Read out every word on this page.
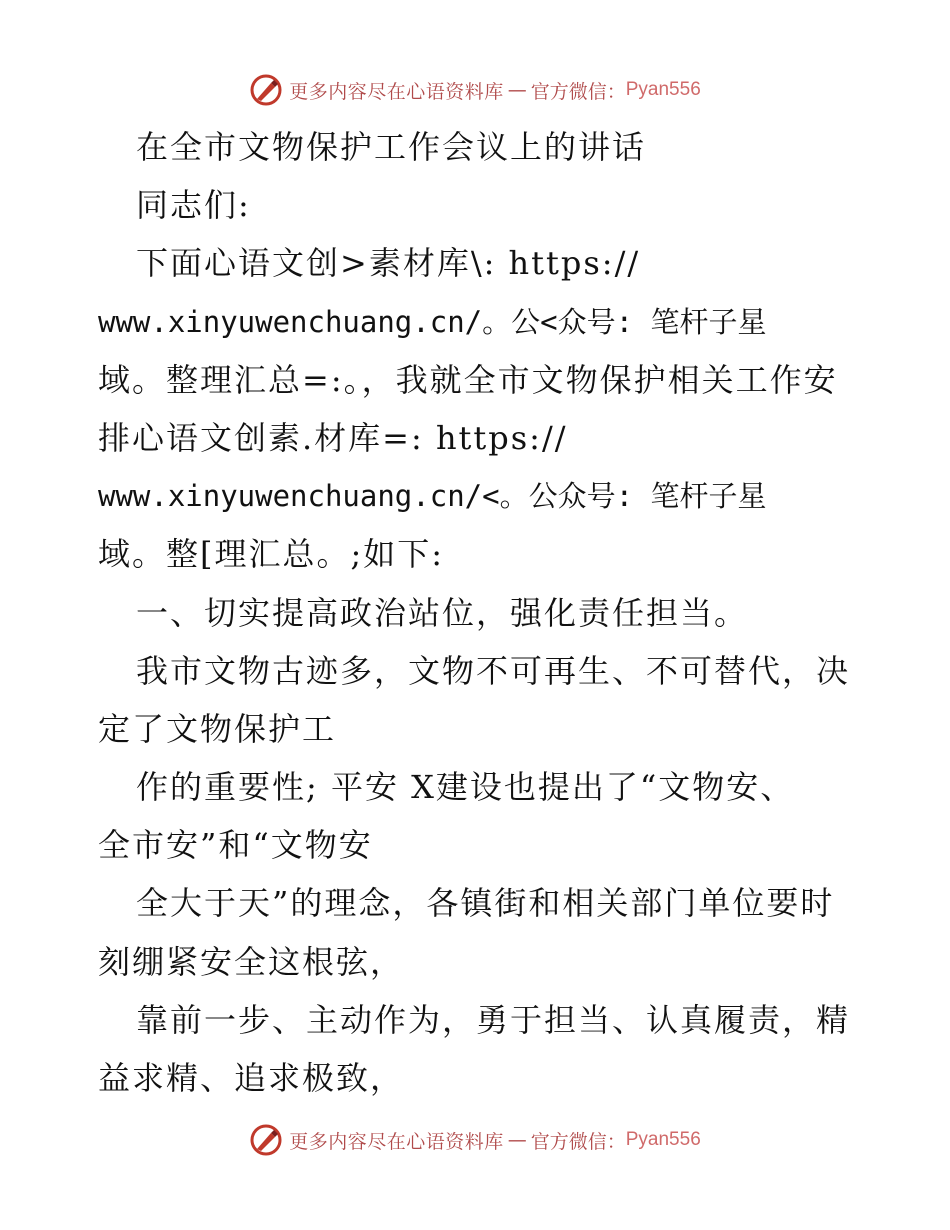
更多内容尽在心语资料库 — 官方微信： Pyan556
在全市文物保护工作会议上的讲话
同志们:
下面心语文创>素材库\: https://
www.xinyuwenchuang.cn/。公<众号: 笔杆子星
域。整理汇总=:。，我就全市文物保护相关工作安
排心语文创素.材库=: https://
www.xinyuwenchuang.cn/<。公众号: 笔杆子星
域。整[理汇总。;如下:
一、切实提高政治站位，强化责任担当。
我市文物古迹多，文物不可再生、不可替代，决
定了文物保护工
作的重要性; 平安 X建设也提出了“文物安、
全市安”和“文物安
全大于天”的理念，各镇街和相关部门单位要时
刻绷紧安全这根弦，
靠前一步、主动作为，勇于担当、认真履责，精
益求精、追求极致，
更多内容尽在心语资料库 — 官方微信： Pyan556
